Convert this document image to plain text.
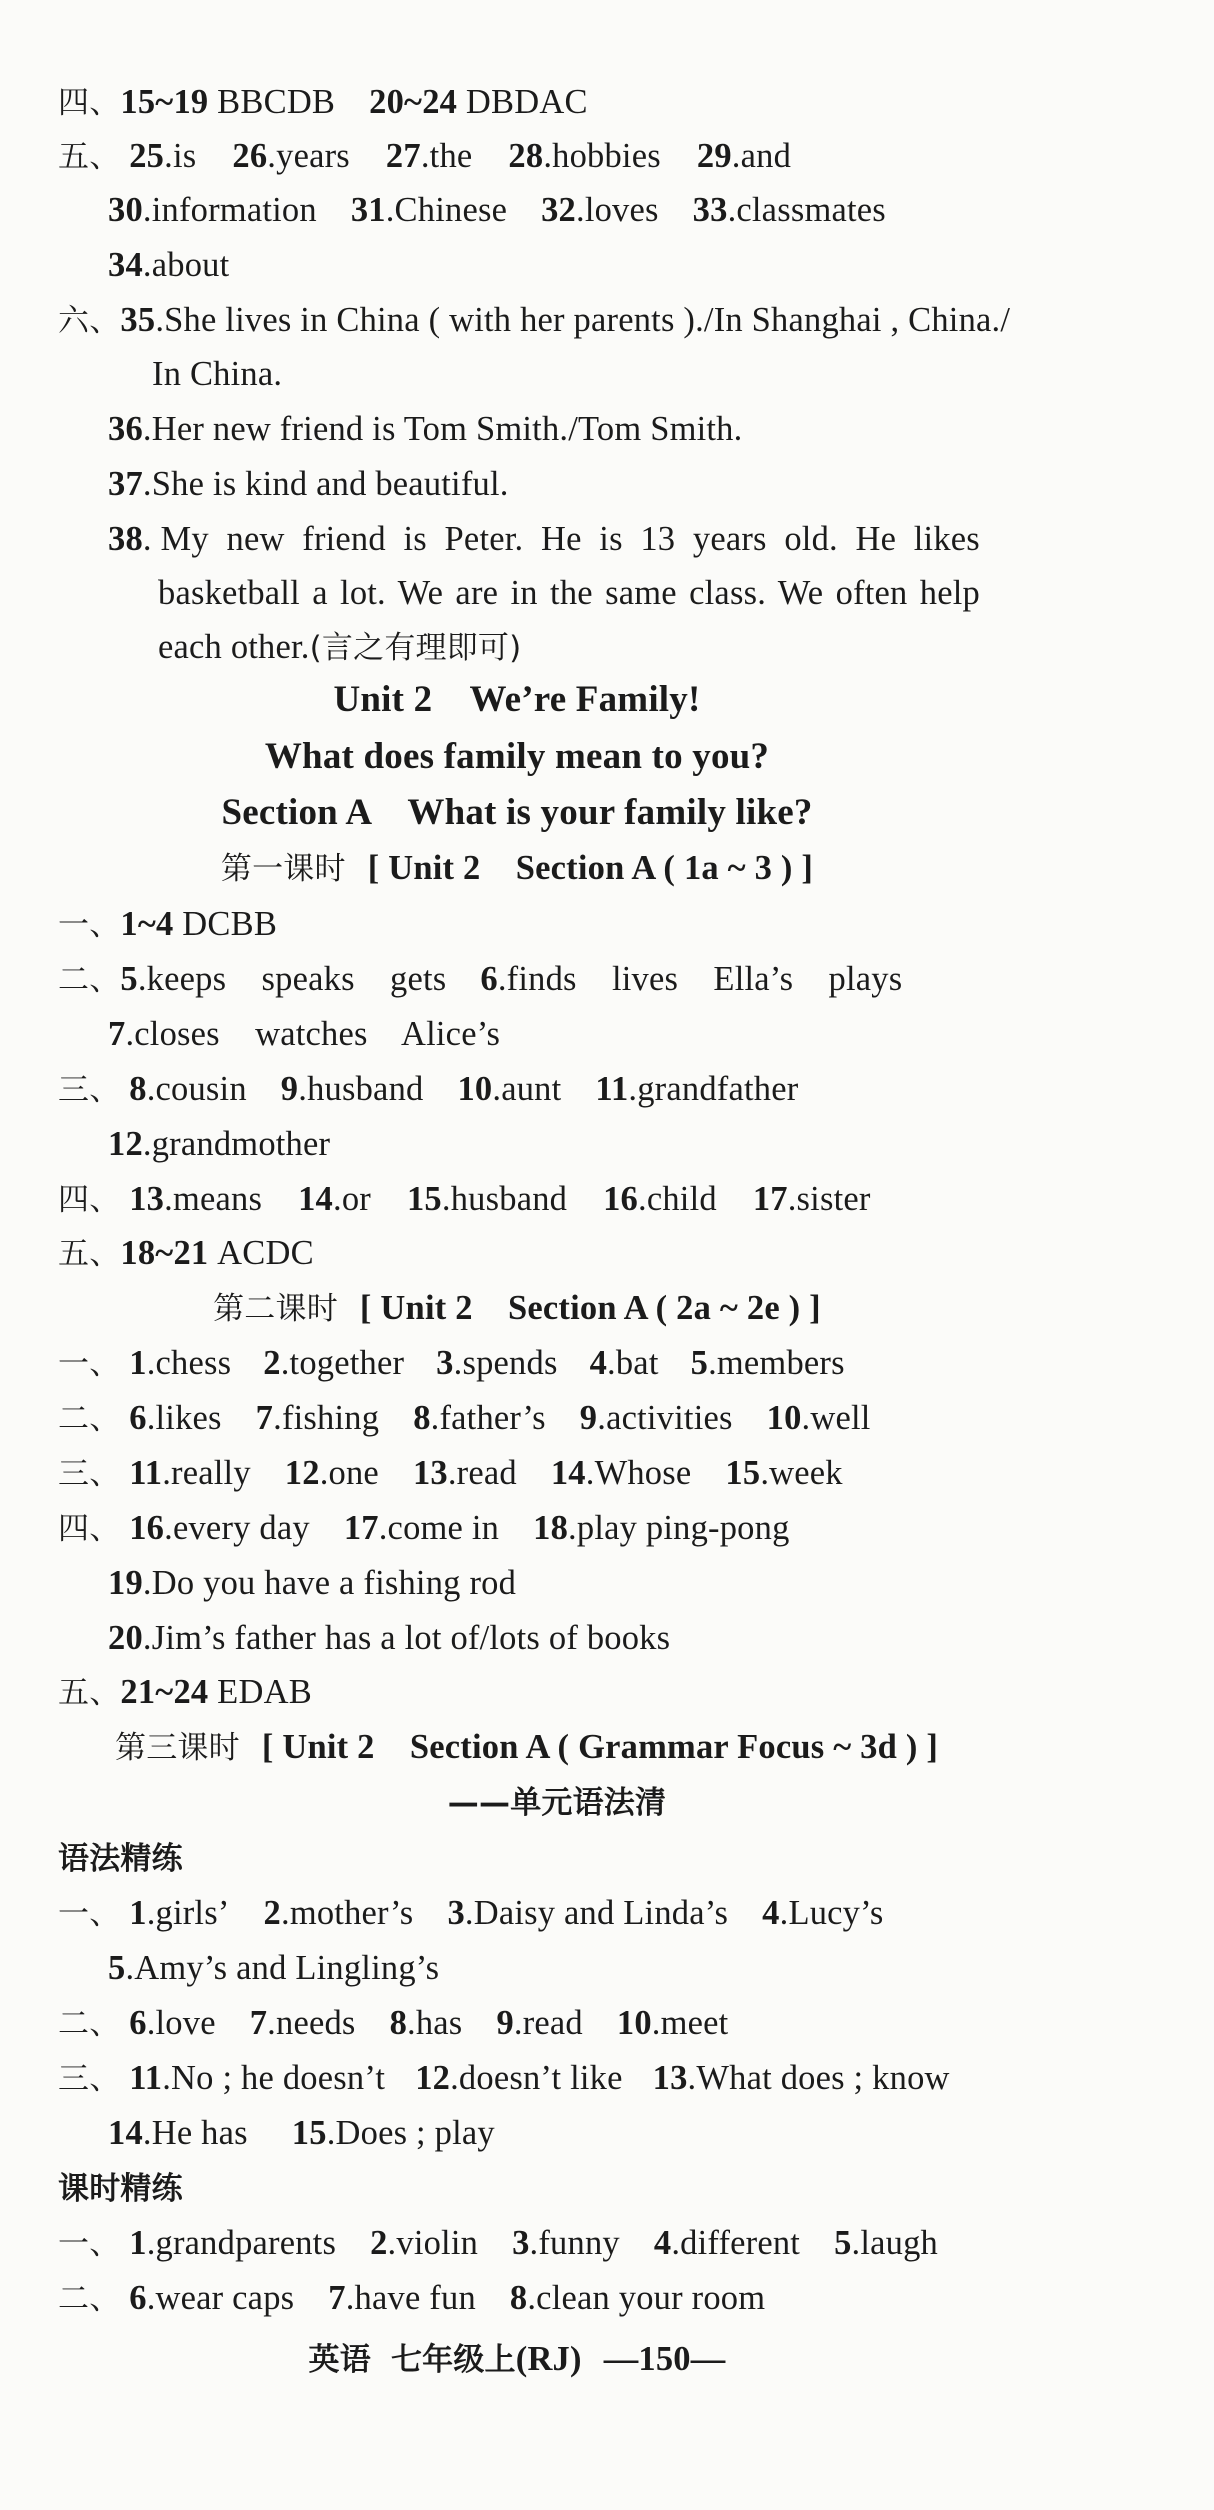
四、15~19 BBCDB 20~24 DBDAC
五、 25.is 26.years 27.the 28.hobbies 29.and
30.information 31.Chinese 32.loves 33.classmates
34.about
六、35.She lives in China ( with her parents )./In Shanghai , China./
In China.
36.Her new friend is Tom Smith./Tom Smith.
37.She is kind and beautiful.
38. My  new  friend  is  Peter.  He  is  13  years  old.  He  likes
basketball a lot. We are in the same class. We often help
each other.(言之有理即可)
Unit 2    We’re Family!
What does family mean to you?
Section A    What is your family like?
第一课时 [ Unit 2    Section A ( 1a ~ 3 ) ]
一、1~4 DCBB
二、5.keeps    speaks    gets 6.finds    lives    Ella’s    plays
7.closes    watches    Alice’s
三、 8.cousin 9.husband 10.aunt 11.grandfather
12.grandmother
四、 13.means 14.or 15.husband 16.child 17.sister
五、18~21 ACDC
第二课时 [ Unit 2    Section A ( 2a ~ 2e ) ]
一、 1.chess 2.together 3.spends 4.bat 5.members
二、 6.likes 7.fishing 8.father’s 9.activities 10.well
三、 11.really 12.one 13.read 14.Whose 15.week
四、 16.every day 17.come in 18.play ping-pong
19.Do you have a fishing rod
20.Jim’s father has a lot of/lots of books
五、21~24 EDAB
第三课时 [ Unit 2    Section A ( Grammar Focus ~ 3d ) ]
——单元语法清
语法精练
一、 1.girls’ 2.mother’s 3.Daisy and Linda’s 4.Lucy’s
5.Amy’s and Lingling’s
二、 6.love 7.needs 8.has 9.read 10.meet
三、 11.No ; he doesn’t 12.doesn’t like 13.What does ; know
14.He has 15.Does ; play
课时精练
一、 1.grandparents 2.violin 3.funny 4.different 5.laugh
二、 6.wear caps 7.have fun 8.clean your room
英语 七年级上(RJ) —150—
